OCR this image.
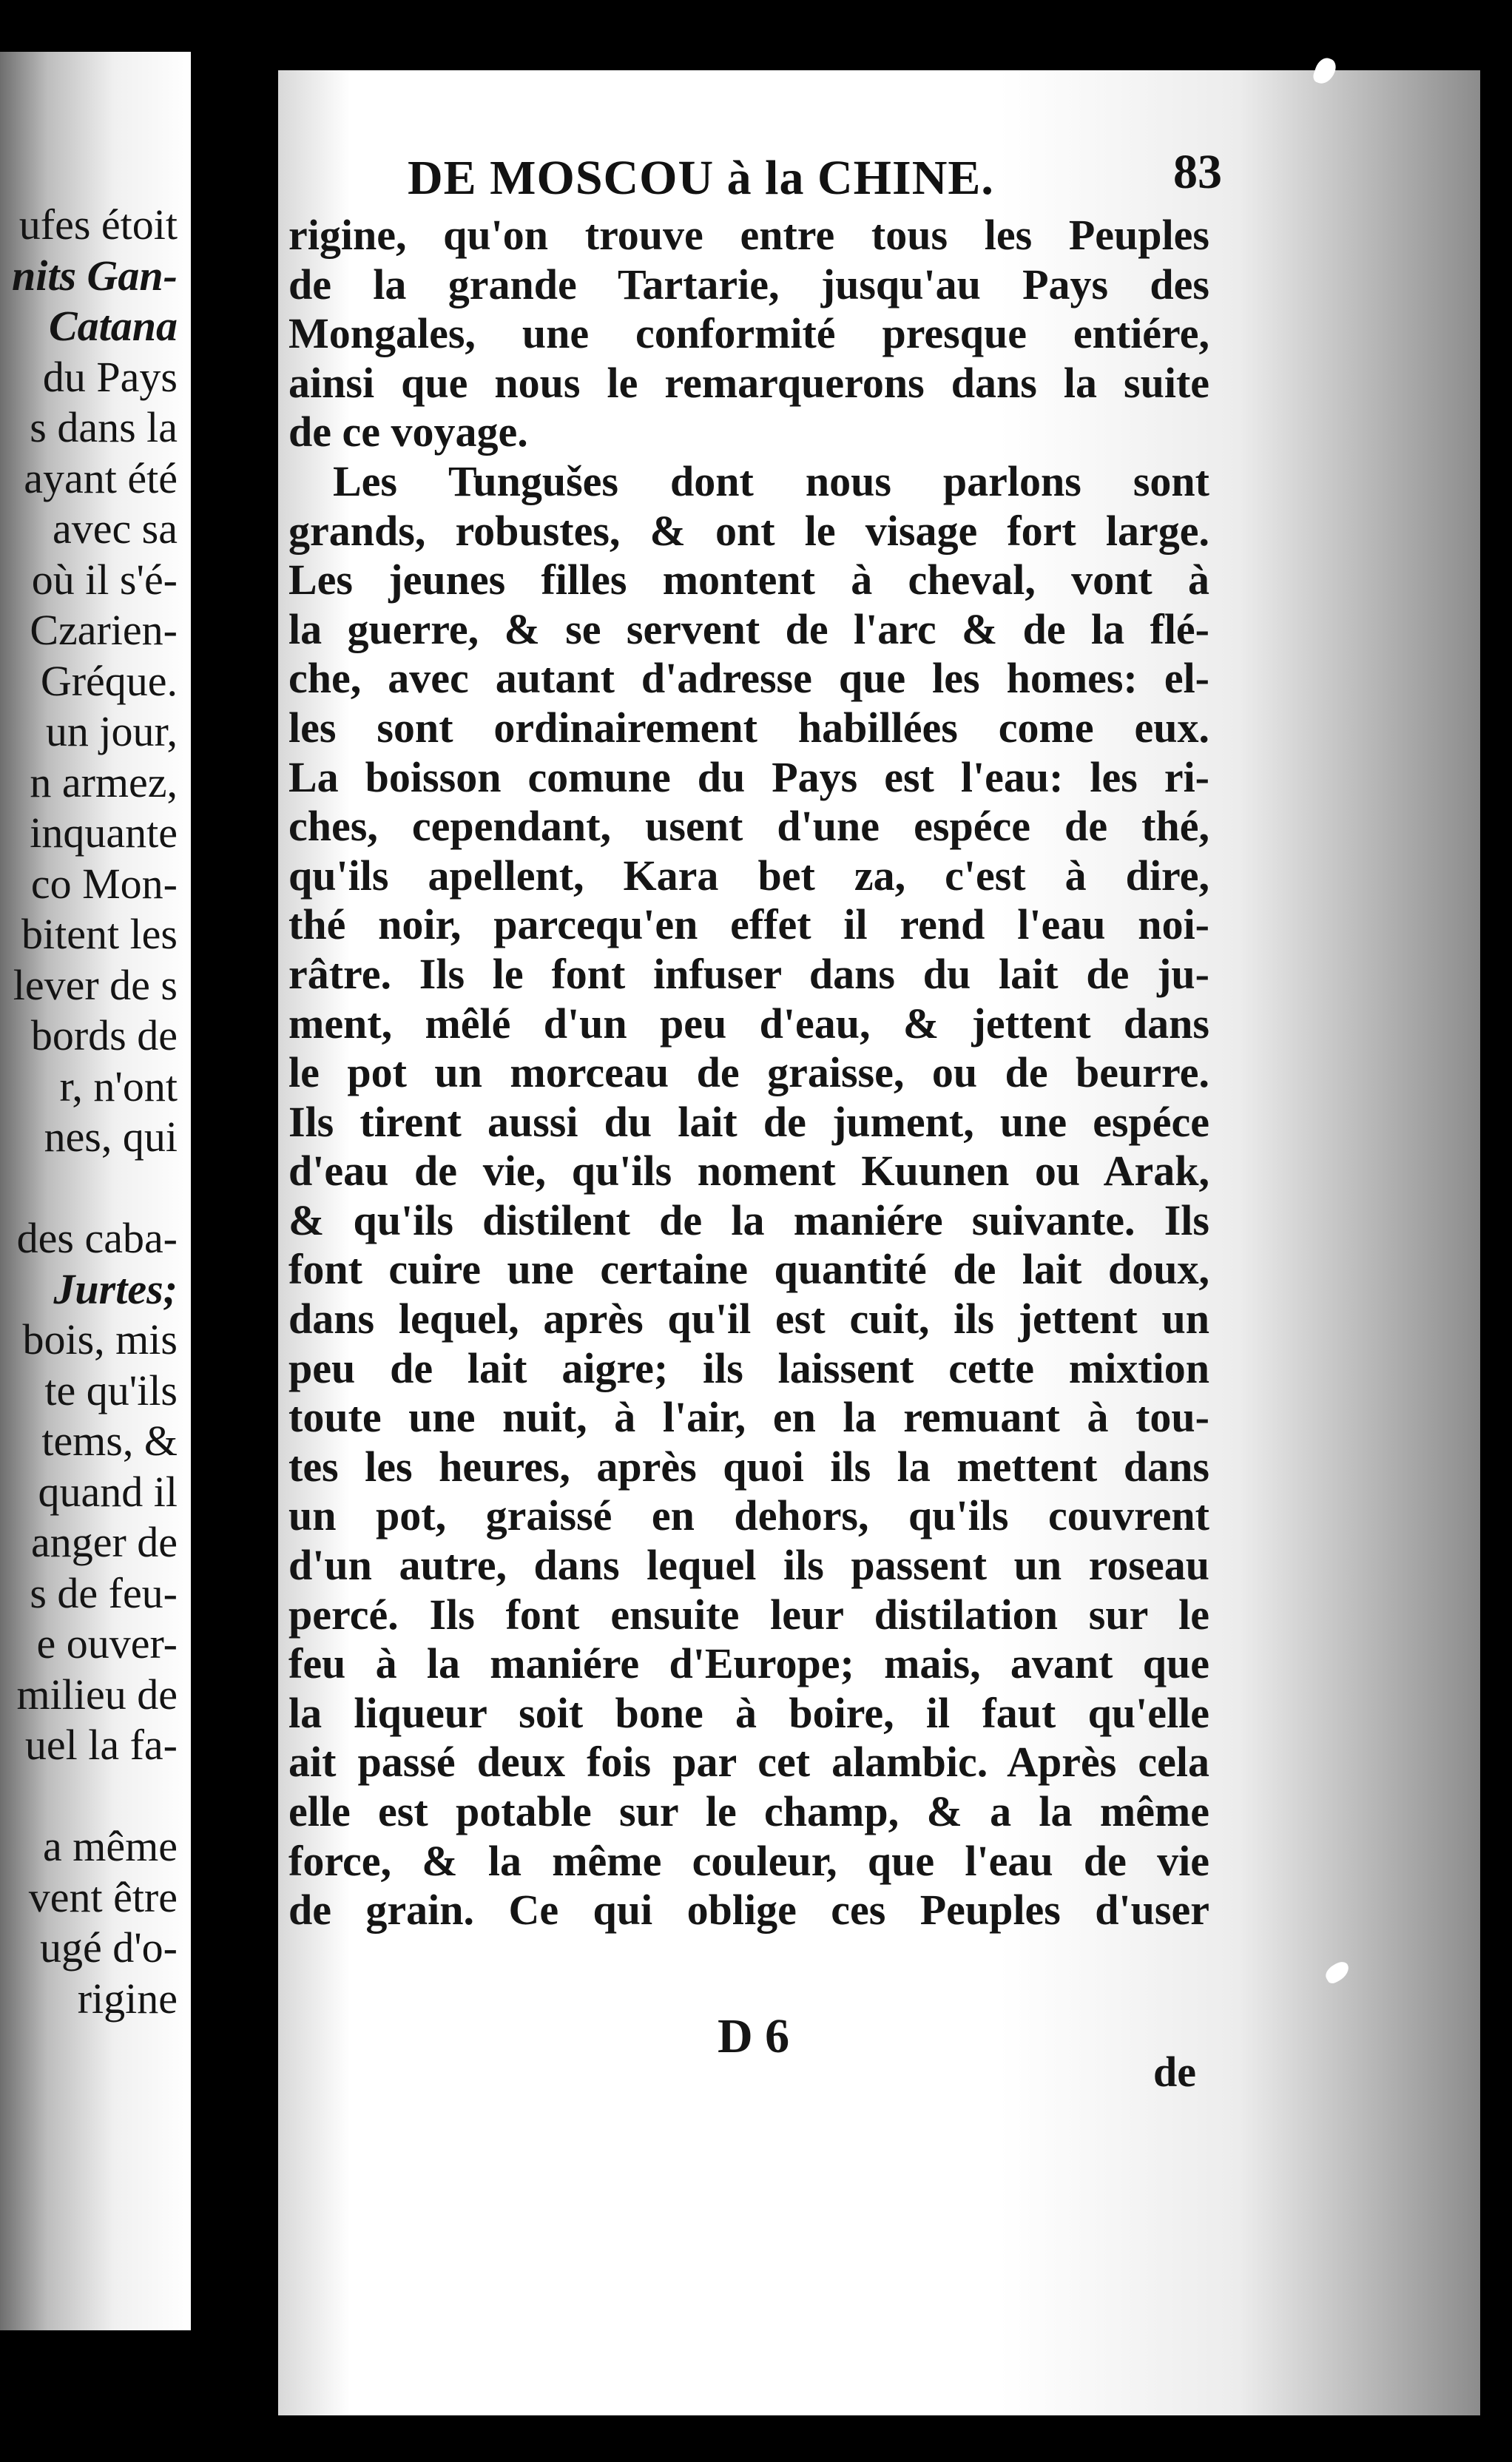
ufes étoit
nits Gan-
Catana
du Pays
s dans la
ayant été
avec sa
où il s'é-
Czarien-
Gréque.
un jour,
n armez,
inquante
co Mon-
bitent les
lever de s
bords de
r, n'ont
nes, qui
des caba-
Jurtes;
bois, mis
te qu'ils
tems, &
quand il
anger de
s de feu-
e ouver-
milieu de
uel la fa-
a même
vent être
ugé d'o-
rigine
DE MOSCOU à la CHINE.	83
rigine, qu'on trouve entre tous les Peuples
de la grande Tartarie, jusqu'au Pays des
Mongales, une conformité presque entiére,
ainsi que nous le remarquerons dans la suite
de ce voyage.
Les Tungušes dont nous parlons sont
grands, robustes, & ont le visage fort large.
Les jeunes filles montent à cheval, vont à
la guerre, & se servent de l'arc & de la flé-
che, avec autant d'adresse que les homes: el-
les sont ordinairement habillées come eux.
La boisson comune du Pays est l'eau: les ri-
ches, cependant, usent d'une espéce de thé,
qu'ils apellent, Kara bet za, c'est à dire,
thé noir, parcequ'en effet il rend l'eau noi-
râtre. Ils le font infuser dans du lait de ju-
ment, mêlé d'un peu d'eau, & jettent dans
le pot un morceau de graisse, ou de beurre.
Ils tirent aussi du lait de jument, une espéce
d'eau de vie, qu'ils noment Kuunen ou Arak,
& qu'ils distilent de la maniére suivante. Ils
font cuire une certaine quantité de lait doux,
dans lequel, après qu'il est cuit, ils jettent un
peu de lait aigre; ils laissent cette mixtion
toute une nuit, à l'air, en la remuant à tou-
tes les heures, après quoi ils la mettent dans
un pot, graissé en dehors, qu'ils couvrent
d'un autre, dans lequel ils passent un roseau
percé. Ils font ensuite leur distilation sur le
feu à la maniére d'Europe; mais, avant que
la liqueur soit bone à boire, il faut qu'elle
ait passé deux fois par cet alambic. Après cela
elle est potable sur le champ, & a la même
force, & la même couleur, que l'eau de vie
de grain. Ce qui oblige ces Peuples d'user
D 6
de
